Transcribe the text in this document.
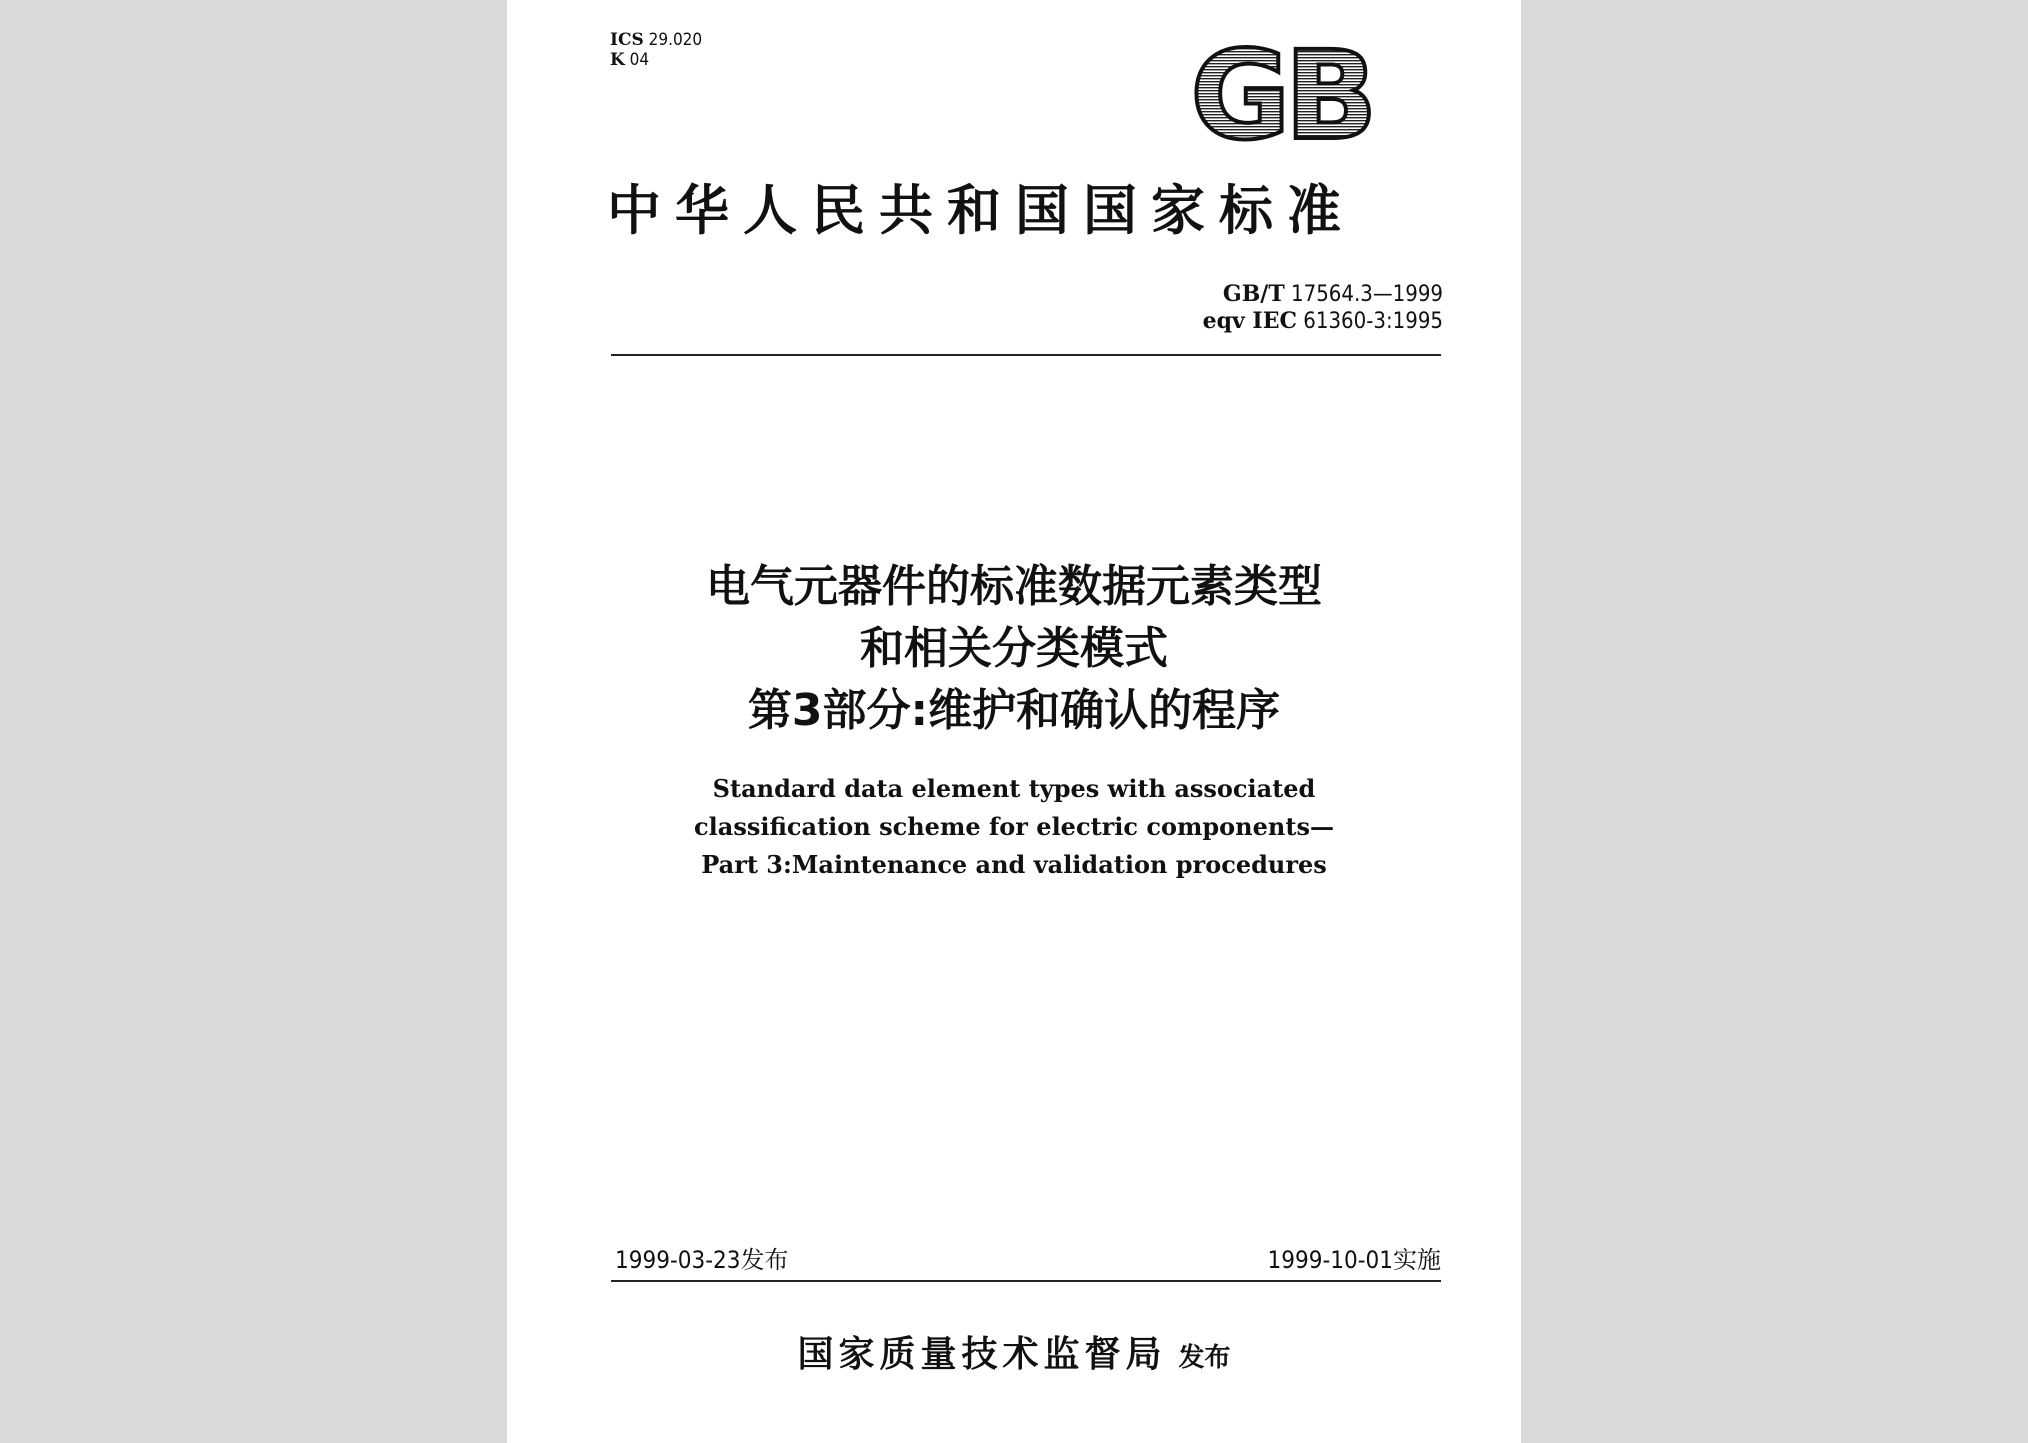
ICS 29.020
K 04	GB
中华人民共和国国家标准
GB/T 17564.3—1999
eqv IEC 61360-3:1995
电气元器件的标准数据元素类型
和相关分类模式
第3部分:维护和确认的程序
Standard data element types with associated
classification scheme for electric components—
Part 3:Maintenance and validation procedures
1999-03-23发布	1999-10-01实施
国家质量技术监督局 发布
